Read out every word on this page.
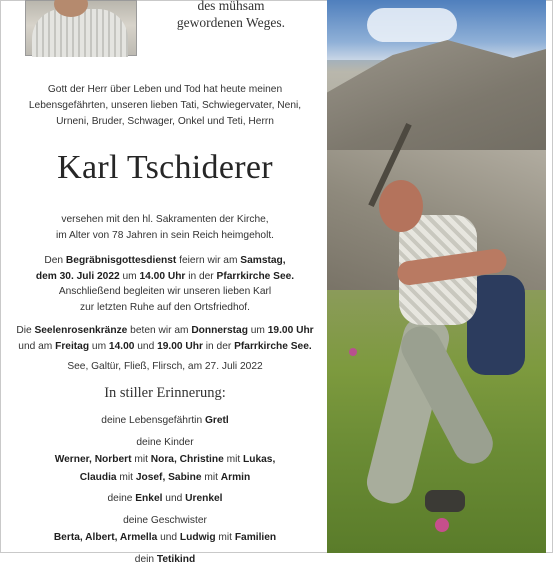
des mühsam
gewordenen Weges.
Gott der Herr über Leben und Tod hat heute meinen
Lebensgefährten, unseren lieben Tati, Schwiegervater, Neni,
Urneni, Bruder, Schwager, Onkel und Teti, Herrn
Karl Tschiderer
versehen mit den hl. Sakramenten der Kirche,
im Alter von 78 Jahren in sein Reich heimgeholt.
Den Begräbnisgottesdienst feiern wir am Samstag,
dem 30. Juli 2022 um 14.00 Uhr in der Pfarrkirche See.
Anschließend begleiten wir unseren lieben Karl
zur letzten Ruhe auf den Ortsfriedhof.
Die Seelenrosenkränze beten wir am Donnerstag um 19.00 Uhr
und am Freitag um 14.00 und 19.00 Uhr in der Pfarrkirche See.
See, Galtür, Fließ, Flirsch, am 27. Juli 2022
In stiller Erinnerung:
deine Lebensgefährtin Gretl
deine Kinder
Werner, Norbert mit Nora, Christine mit Lukas,
Claudia mit Josef, Sabine mit Armin
deine Enkel und Urenkel
deine Geschwister
Berta, Albert, Armella und Ludwig mit Familien
dein Tetikind
